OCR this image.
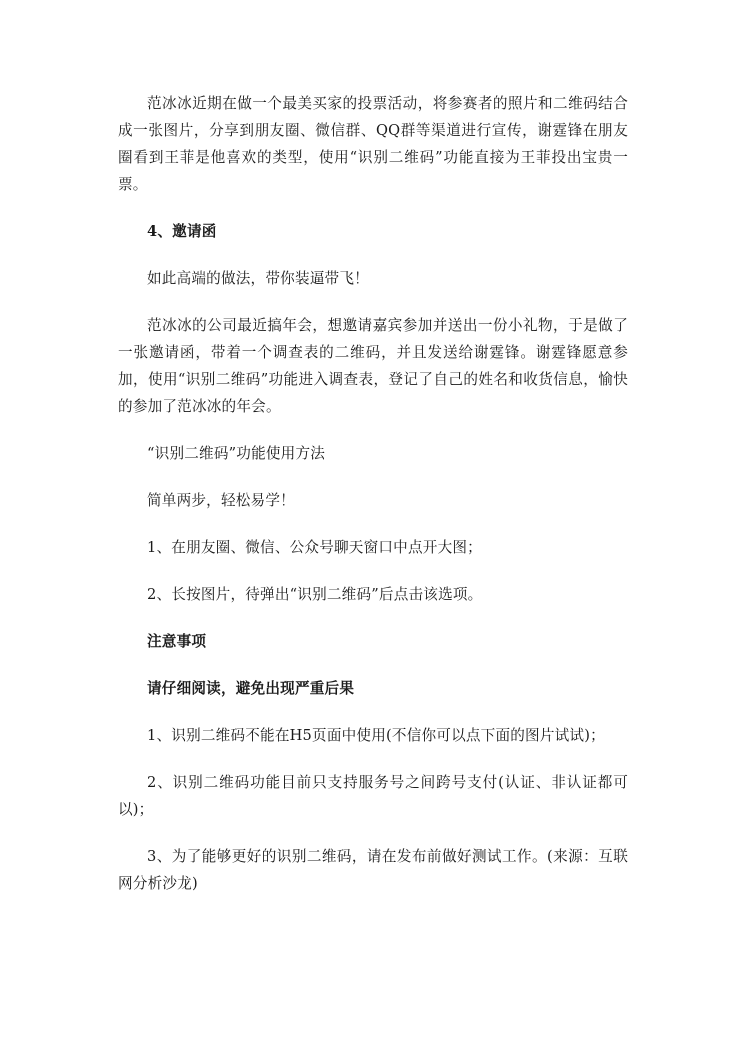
范冰冰近期在做一个最美买家的投票活动，将参赛者的照片和二维码结合成一张图片，分享到朋友圈、微信群、QQ群等渠道进行宣传，谢霆锋在朋友圈看到王菲是他喜欢的类型，使用“识别二维码”功能直接为王菲投出宝贵一票。

4、邀请函

如此高端的做法，带你装逼带飞！

范冰冰的公司最近搞年会，想邀请嘉宾参加并送出一份小礼物，于是做了一张邀请函，带着一个调查表的二维码，并且发送给谢霆锋。谢霆锋愿意参加，使用“识别二维码”功能进入调查表，登记了自己的姓名和收货信息，愉快的参加了范冰冰的年会。

“识别二维码”功能使用方法

简单两步，轻松易学！

1、在朋友圈、微信、公众号聊天窗口中点开大图；

2、长按图片，待弹出“识别二维码”后点击该选项。

注意事项

请仔细阅读，避免出现严重后果

1、识别二维码不能在H5页面中使用(不信你可以点下面的图片试试)；

2、识别二维码功能目前只支持服务号之间跨号支付(认证、非认证都可以)；

3、为了能够更好的识别二维码，请在发布前做好测试工作。(来源：互联网分析沙龙)
